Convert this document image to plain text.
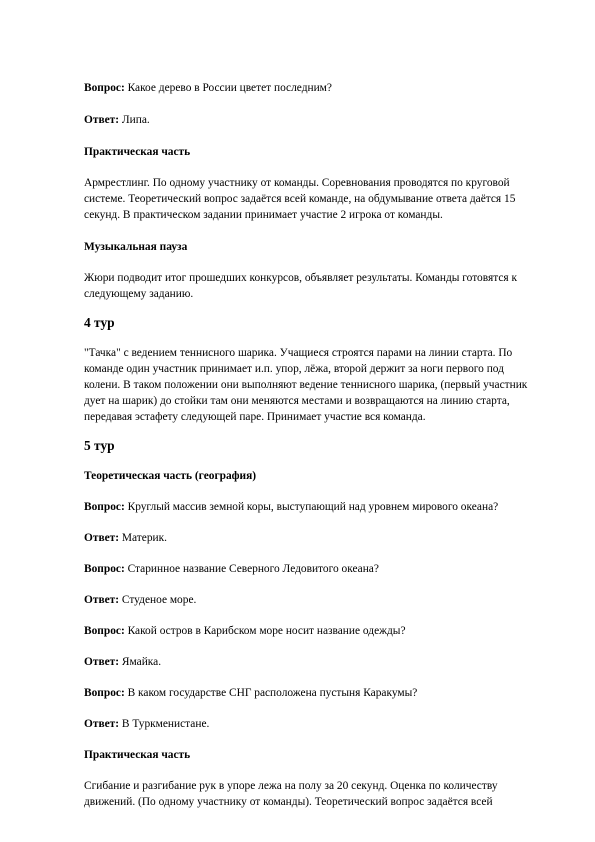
Вопрос: Какое дерево в России цветет последним?

Ответ: Липа.

Практическая часть

Армрестлинг. По одному участнику от команды. Соревнования проводятся по круговой системе. Теоретический вопрос задаётся всей команде, на обдумывание ответа даётся 15 секунд. В практическом задании принимает участие 2 игрока от команды.

Музыкальная пауза

Жюри подводит итог прошедших конкурсов, объявляет результаты. Команды готовятся к следующему заданию.

4 тур

"Тачка" с ведением теннисного шарика. Учащиеся строятся парами на линии старта. По команде один участник принимает и.п. упор, лёжа, второй держит за ноги первого под колени. В таком положении они выполняют ведение теннисного шарика, (первый участник дует на шарик) до стойки там они меняются местами и возвращаются на линию старта, передавая эстафету следующей паре. Принимает участие вся команда.

5 тур

Теоретическая часть (география)

Вопрос: Круглый массив земной коры, выступающий над уровнем мирового океана?

Ответ: Материк.

Вопрос: Старинное название Северного Ледовитого океана?

Ответ: Студеное море.

Вопрос: Какой остров в Карибском море носит название одежды?

Ответ: Ямайка.

Вопрос: В каком государстве СНГ расположена пустыня Каракумы?

Ответ: В Туркменистане.

Практическая часть

Сгибание и разгибание рук в упоре лежа на полу за 20 секунд. Оценка по количеству движений. (По одному участнику от команды). Теоретический вопрос задаётся всей
